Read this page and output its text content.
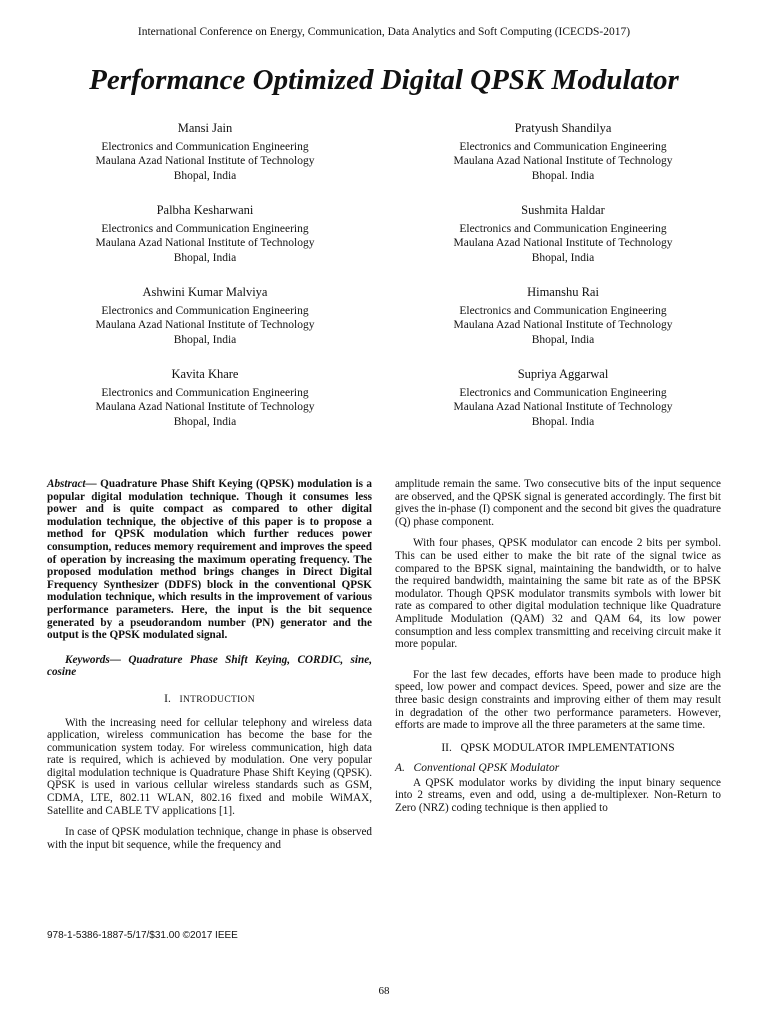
International Conference on Energy, Communication, Data Analytics and Soft Computing (ICECDS-2017)
Performance Optimized Digital QPSK Modulator
Mansi Jain
Electronics and Communication Engineering
Maulana Azad National Institute of Technology
Bhopal, India
Pratyush Shandilya
Electronics and Communication Engineering
Maulana Azad National Institute of Technology
Bhopal. India
Palbha Kesharwani
Electronics and Communication Engineering
Maulana Azad National Institute of Technology
Bhopal, India
Sushmita Haldar
Electronics and Communication Engineering
Maulana Azad National Institute of Technology
Bhopal, India
Ashwini Kumar Malviya
Electronics and Communication Engineering
Maulana Azad National Institute of Technology
Bhopal, India
Himanshu Rai
Electronics and Communication Engineering
Maulana Azad National Institute of Technology
Bhopal, India
Kavita Khare
Electronics and Communication Engineering
Maulana Azad National Institute of Technology
Bhopal, India
Supriya Aggarwal
Electronics and Communication Engineering
Maulana Azad National Institute of Technology
Bhopal. India

Abstract— Quadrature Phase Shift Keying (QPSK) modulation is a popular digital modulation technique. Though it consumes less power and is quite compact as compared to other digital modulation technique, the objective of this paper is to propose a method for QPSK modulation which further reduces power consumption, reduces memory requirement and improves the speed of operation by increasing the maximum operating frequency. The proposed modulation method brings changes in Direct Digital Frequency Synthesizer (DDFS) block in the conventional QPSK modulation technique, which results in the improvement of various performance parameters. Here, the input is the bit sequence generated by a pseudorandom number (PN) generator and the output is the QPSK modulated signal.

Keywords— Quadrature Phase Shift Keying, CORDIC, sine, cosine

I. INTRODUCTION

With the increasing need for cellular telephony and wireless data application, wireless communication has become the base for the communication system today. For wireless communication, high data rate is required, which is achieved by modulation. One very popular digital modulation technique is Quadrature Phase Shift Keying (QPSK). QPSK is used in various cellular wireless standards such as GSM, CDMA, LTE, 802.11 WLAN, 802.16 fixed and mobile WiMAX, Satellite and CABLE TV applications [1].

In case of QPSK modulation technique, change in phase is observed with the input bit sequence, while the frequency and

amplitude remain the same. Two consecutive bits of the input sequence are observed, and the QPSK signal is generated accordingly. The first bit gives the in-phase (I) component and the second bit gives the quadrature (Q) phase component.

With four phases, QPSK modulator can encode 2 bits per symbol. This can be used either to make the bit rate of the signal twice as compared to the BPSK signal, maintaining the bandwidth, or to halve the required bandwidth, maintaining the same bit rate as of the BPSK modulator. Though QPSK modulator transmits symbols with lower bit rate as compared to other digital modulation technique like Quadrature Amplitude Modulation (QAM) 32 and QAM 64, its low power consumption and less complex transmitting and receiving circuit make it more popular.

For the last few decades, efforts have been made to produce high speed, low power and compact devices. Speed, power and size are the three basic design constraints and improving either of them may result in degradation of the other two performance parameters. However, efforts are made to improve all the three parameters at the same time.

II. QPSK MODULATOR IMPLEMENTATIONS
A. Conventional QPSK Modulator

A QPSK modulator works by dividing the input binary sequence into 2 streams, even and odd, using a de-multiplexer. Non-Return to Zero (NRZ) coding technique is then applied to

978-1-5386-1887-5/17/$31.00 ©2017 IEEE
68
